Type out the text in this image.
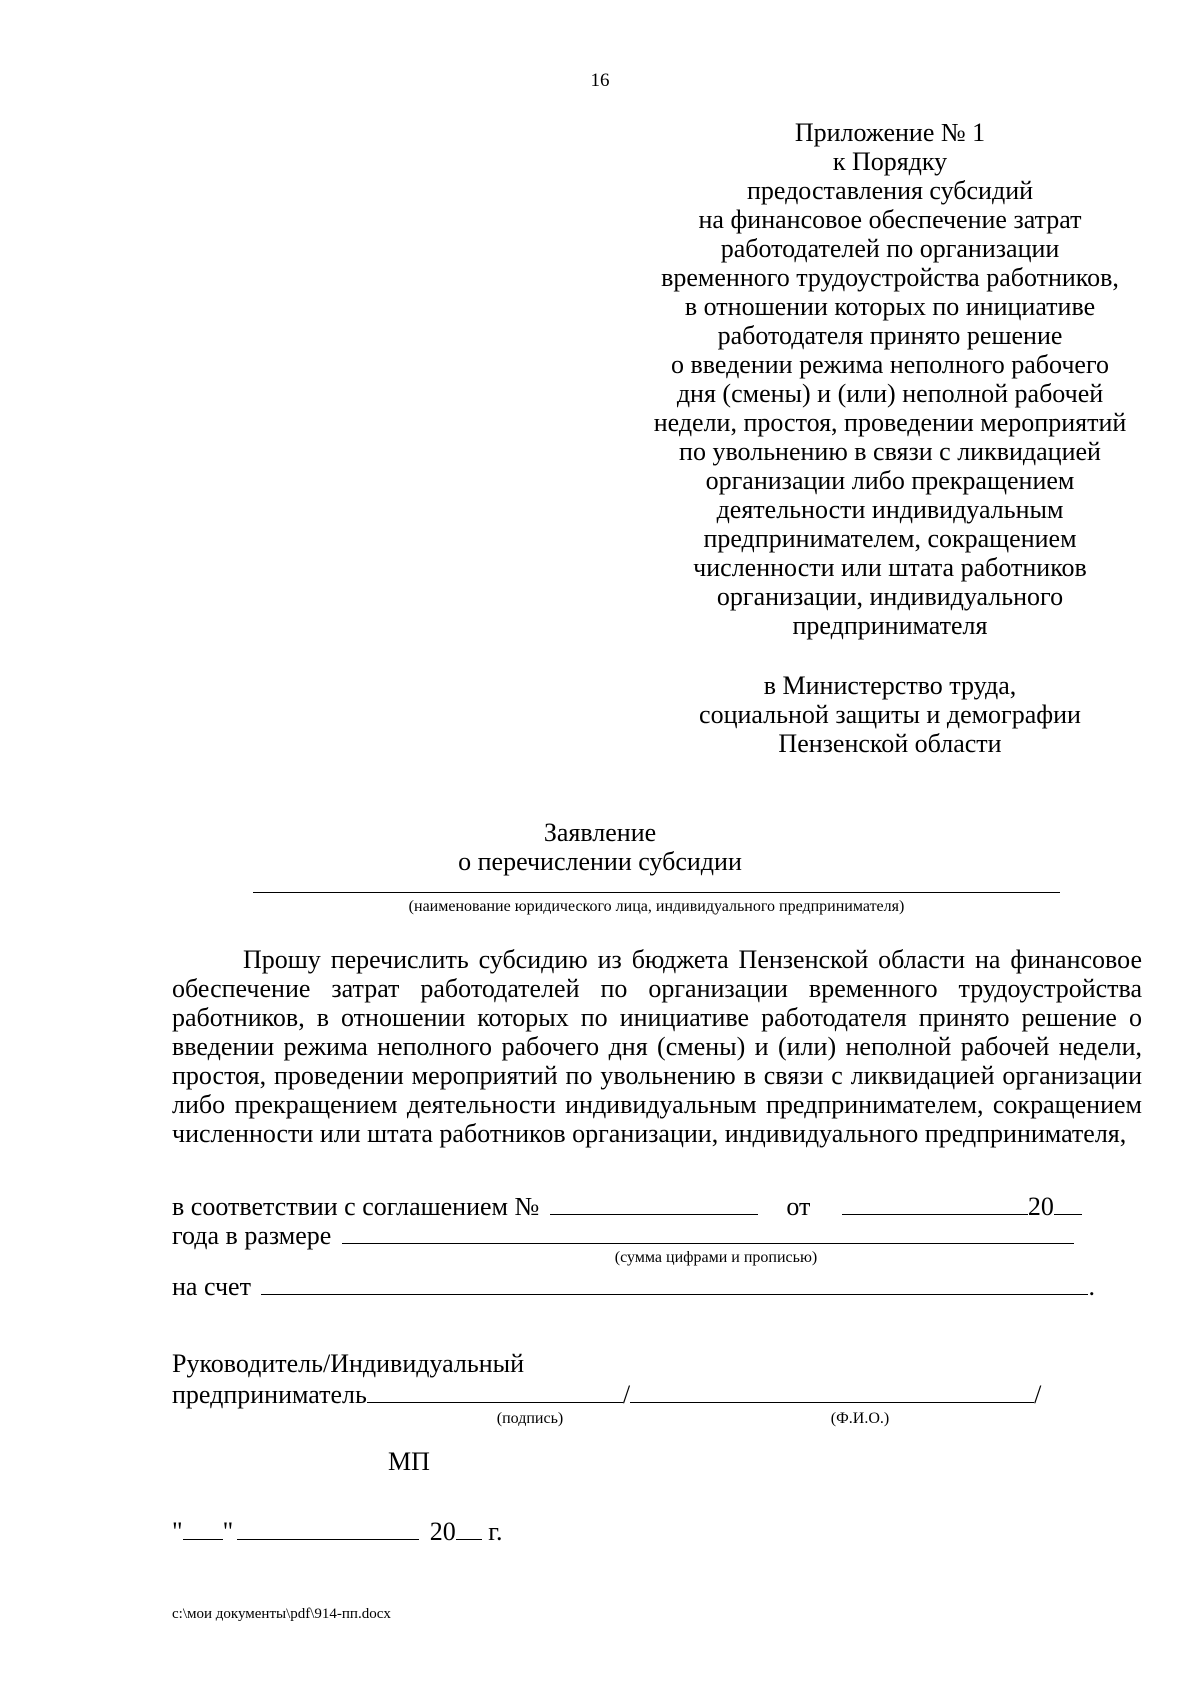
16
Приложение № 1
к Порядку
предоставления субсидий
на финансовое обеспечение затрат
работодателей по организации
временного трудоустройства работников,
в отношении которых по инициативе
работодателя принято решение
о введении режима неполного рабочего
дня (смены) и (или) неполной рабочей
недели, простоя, проведении мероприятий
по увольнению в связи с ликвидацией
организации либо прекращением
деятельности индивидуальным
предпринимателем, сокращением
численности или штата работников
организации, индивидуального
предпринимателя
в Министерство труда,
социальной защиты и демографии
Пензенской области
Заявление
о перечислении субсидии
(наименование юридического лица, индивидуального предпринимателя)

Прошу перечислить субсидию из бюджета Пензенской области на финансовое обеспечение затрат работодателей по организации временного трудоустройства работников, в отношении которых по инициативе работодателя принято решение о введении режима неполного рабочего дня (смены) и (или) неполной рабочей недели, простоя, проведении мероприятий по увольнению в связи с ликвидацией организации либо прекращением деятельности индивидуальным предпринимателем, сокращением численности или штата работников организации, индивидуального предпринимателя,

в соответствии с соглашением №	от	20
года в размере
(сумма цифрами и прописью)
на счет	.
Руководитель/Индивидуальный
предприниматель	/	/
(подпись)	(Ф.И.О.)
МП
" "	20 г.
c:\мои документы\pdf\914-пп.docx
